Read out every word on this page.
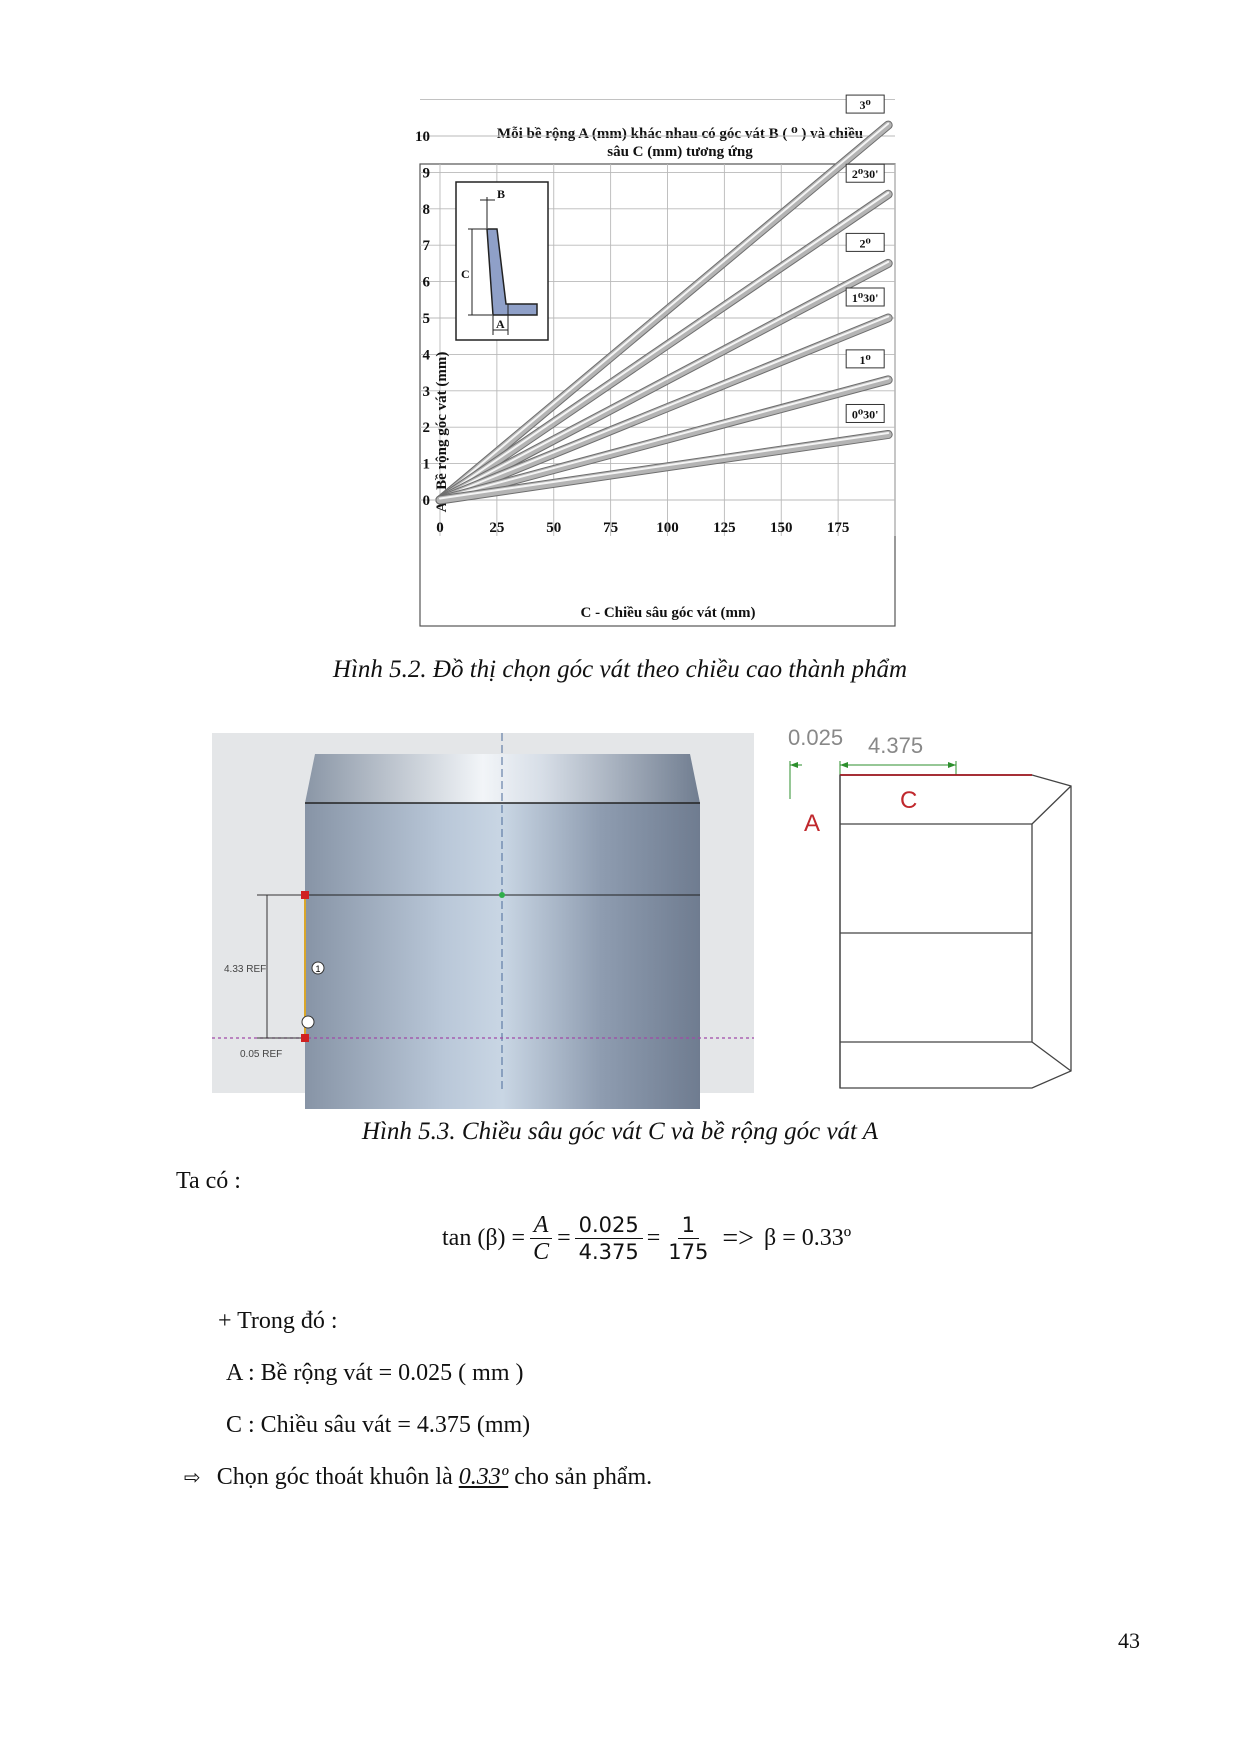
Mỗi bề rộng A (mm) khác nhau có góc vát B ( ⁰ ) và chiều
sâu C (mm) tương ứng
0	25	50	75	100 125 150 175
0
1
2
3
4
5
6
7
8
9
10
C - Chiều sâu góc vát (mm)
A - Bề rộng góc vát (mm)
B
C
A
3⁰
2⁰30'
2⁰
1⁰30'
1⁰
0⁰30'
Hình 5.2. Đồ thị chọn góc vát theo chiều cao thành phẩm
1
4.33 REF
0.05 REF
0.025 4.375
C
A
Hình 5.3. Chiều sâu góc vát C và bề rộng góc vát A
Ta có :
$\tan (\beta) = \frac{A}{C} = \frac{0.025}{4.375} = \frac{1}{175} => \beta$ = 0.33º
+ Trong đó :
A : Bề rộng vát = 0.025 ( mm )
C : Chiều sâu vát = 4.375 (mm)
⇨ Chọn góc thoát khuôn là 0.33º cho sản phẩm.
43
